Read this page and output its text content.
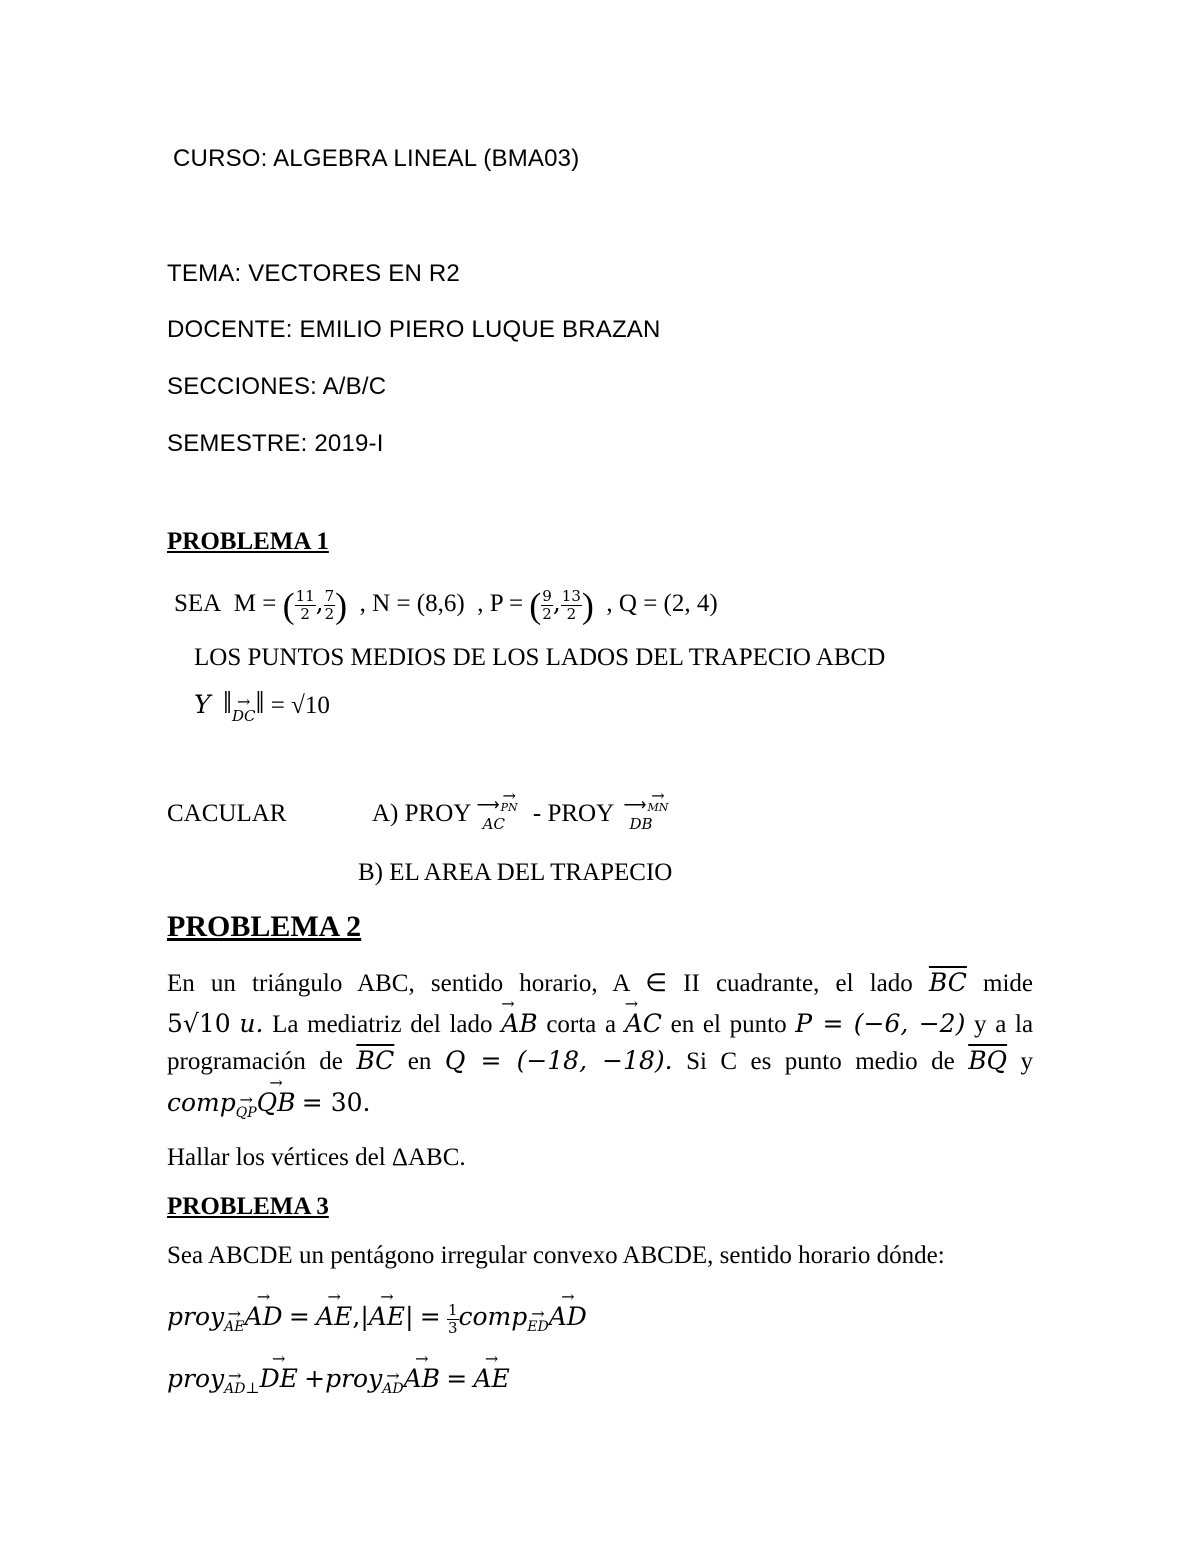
CURSO: ALGEBRA LINEAL (BMA03)
TEMA: VECTORES EN R2
DOCENTE: EMILIO PIERO LUQUE BRAZAN
SECCIONES: A/B/C
SEMESTRE: 2019-I
PROBLEMA 1
SEA M = ( $\frac{11}{2}$ , $\frac{7}{2}$ ) , N = (8,6) , P = ( $\frac{9}{2}$ , $\frac{13}{2}$ ) , Q = (2, 4)
LOS PUNTOS MEDIOS DE LOS LADOS DEL TRAPECIO ABCD
Y ‖→ DC‖ = √10
CACULAR	A) PROY AC
⟶ → PN - PROY DB
⟶ → MN
B) EL AREA DEL TRAPECIO
PROBLEMA 2
En un triángulo ABC, sentido horario, A ∈ II cuadrante, el lado $\overline{BC}$ mide
5√10 u. La mediatriz del lado → AB corta a → AC en el punto P = (−6, −2) y a la
programación de $\overline{BC}$ en Q = (−18, −18). Si C es punto medio de $\overline{BQ}$ y
comp→ QP→ QB = 30.
Hallar los vértices del ΔABC.
PROBLEMA 3
Sea ABCDE un pentágono irregular convexo ABCDE, sentido horario dónde:
proy→ AE→ AD = → $AE,|\to AE| = \frac{1}{3}$ comp→ ED→ AD
proy→ $AD_\perp\to$ DE +proy→ AD→ AB = → AE
